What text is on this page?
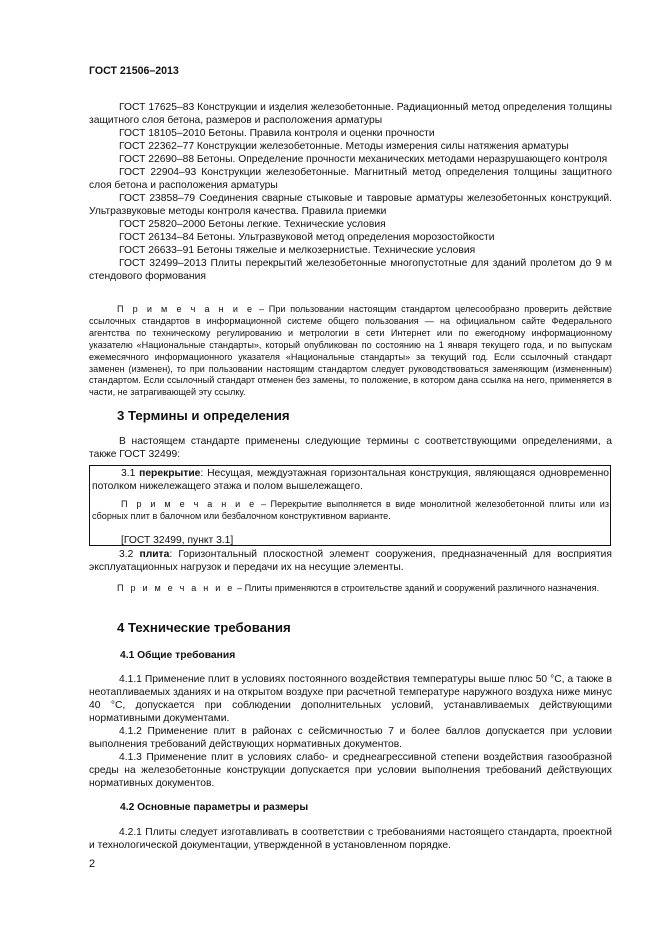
ГОСТ 21506–2013

ГОСТ 17625–83 Конструкции и изделия железобетонные. Радиационный метод определения толщины защитного слоя бетона, размеров и расположения арматуры

ГОСТ 18105–2010 Бетоны. Правила контроля и оценки прочности

ГОСТ 22362–77 Конструкции железобетонные. Методы измерения силы натяжения арматуры

ГОСТ 22690–88 Бетоны. Определение прочности механических методами неразрушающего контроля

ГОСТ 22904–93 Конструкции железобетонные. Магнитный метод определения толщины защитного слоя бетона и расположения арматуры

ГОСТ 23858–79 Соединения сварные стыковые и тавровые арматуры железобетонных конструкций. Ультразвуковые методы контроля качества. Правила приемки

ГОСТ 25820–2000 Бетоны легкие. Технические условия

ГОСТ 26134–84 Бетоны. Ультразвуковой метод определения морозостойкости

ГОСТ 26633–91 Бетоны тяжелые и мелкозернистые. Технические условия

ГОСТ 32499–2013 Плиты перекрытий железобетонные многопустотные для зданий пролетом до 9 м стендового формования

П р и м е ч а н и е – При пользовании настоящим стандартом целесообразно проверить действие ссылочных стандартов в информационной системе общего пользования — на официальном сайте Федерального агентства по техническому регулированию и метрологии в сети Интернет или по ежегодному информационному указателю «Национальные стандарты», который опубликован по состоянию на 1 января текущего года, и по выпускам ежемесячного информационного указателя «Национальные стандарты» за текущий год. Если ссылочный стандарт заменен (изменен), то при пользовании настоящим стандартом следует руководствоваться заменяющим (измененным) стандартом. Если ссылочный стандарт отменен без замены, то положение, в котором дана ссылка на него, применяется в части, не затрагивающей эту ссылку.

3 Термины и определения

В настоящем стандарте применены следующие термины с соответствующими определениями, а также ГОСТ 32499:

3.1 перекрытие: Несущая, междуэтажная горизонтальная конструкция, являющаяся одновременно потолком нижележащего этажа и полом вышележащего.

П р и м е ч а н и е – Перекрытие выполняется в виде монолитной железобетонной плиты или из сборных плит в балочном или безбалочном конструктивном варианте.

[ГОСТ 32499, пункт 3.1]

3.2 плита: Горизонтальный плоскостной элемент сооружения, предназначенный для восприятия эксплуатационных нагрузок и передачи их на несущие элементы.

П р и м е ч а н и е – Плиты применяются в строительстве зданий и сооружений различного назначения.

4 Технические требования
4.1 Общие требования

4.1.1 Применение плит в условиях постоянного воздействия температуры выше плюс 50 °С, а также в неотапливаемых зданиях и на открытом воздухе при расчетной температуре наружного воздуха ниже минус 40 °С, допускается при соблюдении дополнительных условий, устанавливаемых действующими нормативными документами.

4.1.2 Применение плит в районах с сейсмичностью 7 и более баллов допускается при условии выполнения требований действующих нормативных документов.

4.1.3 Применение плит в условиях слабо- и среднеагрессивной степени воздействия газообразной среды на железобетонные конструкции допускается при условии выполнения требований действующих нормативных документов.

4.2 Основные параметры и размеры

4.2.1 Плиты следует изготавливать в соответствии с требованиями настоящего стандарта, проектной и технологической документации, утвержденной в установленном порядке.

2
